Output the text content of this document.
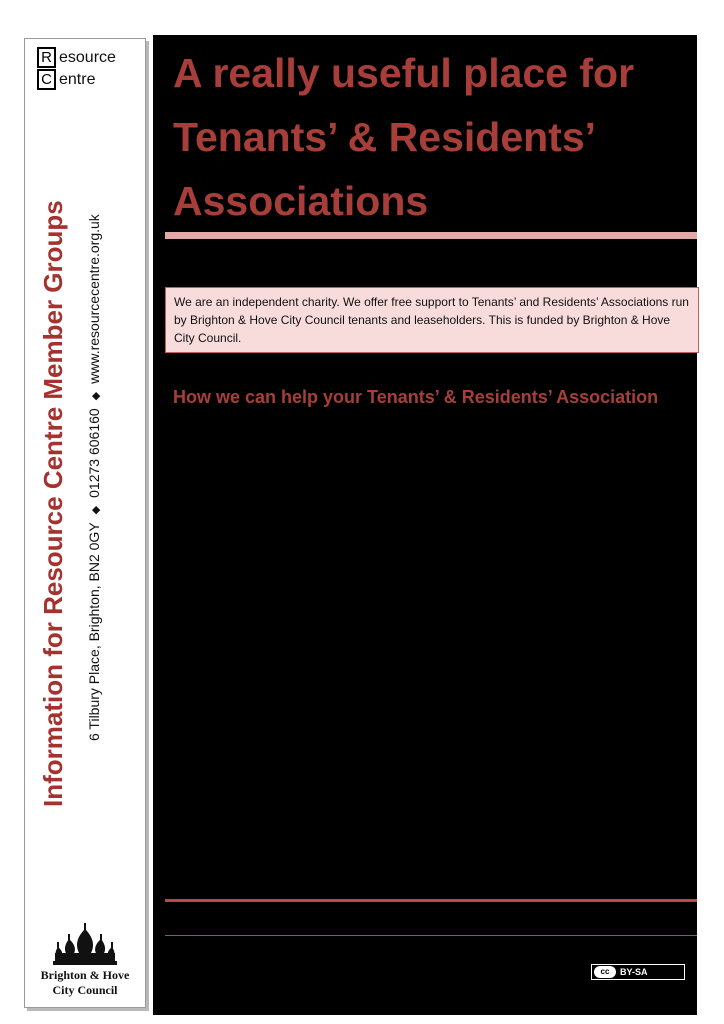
R
C
esource
entre
Information for Resource Centre Member Groups	6 Tilbury Place, Brighton, BN2 0GY◆01273 606160◆www.resourcecentre.org.uk
Brighton & Hove
City Council
A really useful place for Tenants’ & Residents’ Associations
We are an independent charity. We offer free support to Tenants’ and Residents’ Associations run by Brighton & Hove City Council tenants and leaseholders. This is funded by Brighton & Hove City Council.
How we can help your Tenants’ & Residents’ Association
cc	BY-SA
